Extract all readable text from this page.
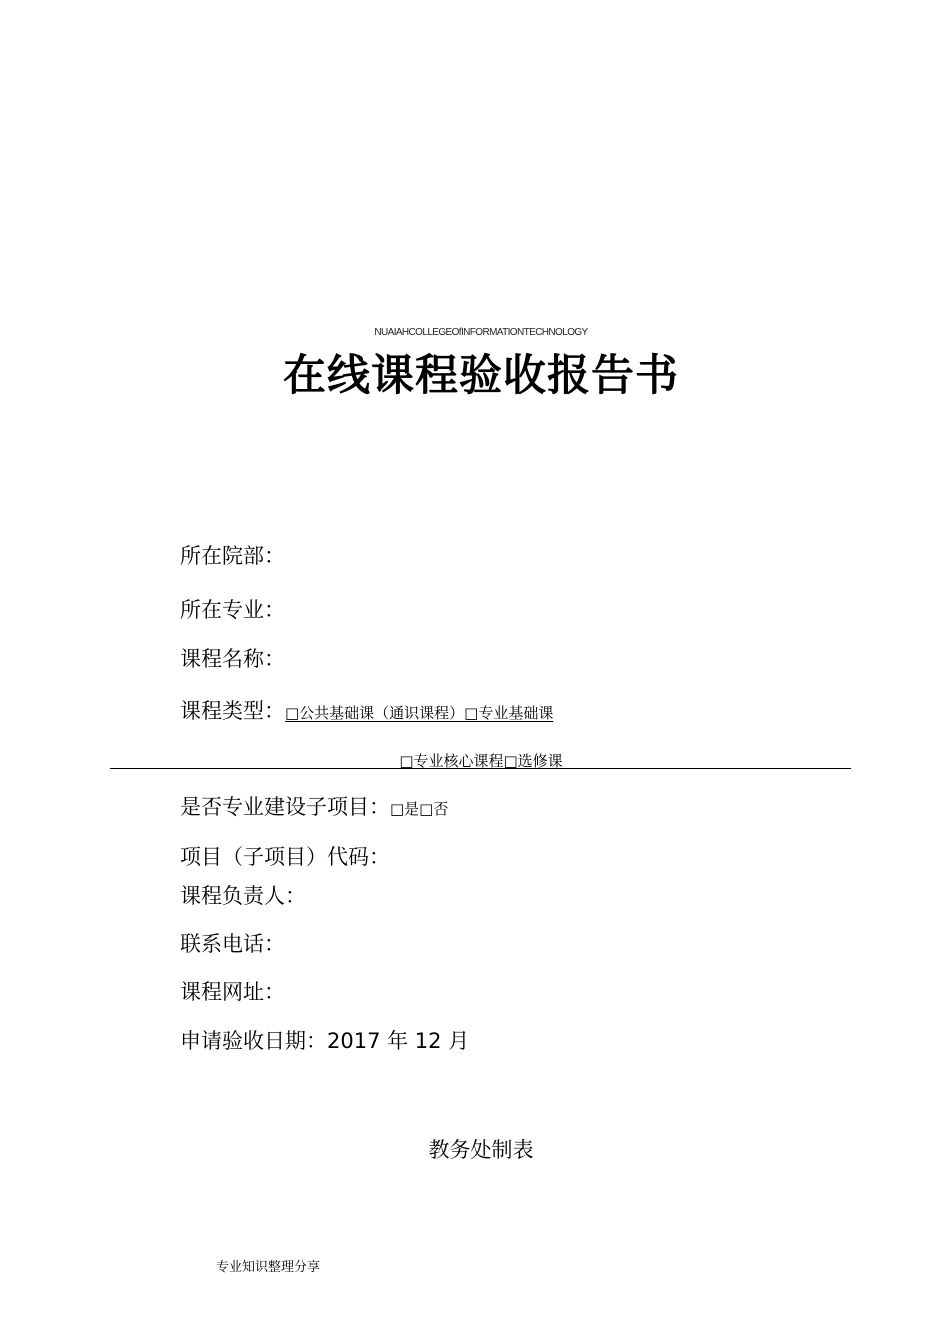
NUAIAHCOLLEGEOfINFORMATIONTECHNOLOGY
在线课程验收报告书
所在院部：
所在专业：
课程名称：
课程类型：□公共基础课（通识课程）□专业基础课
□专业核心课程□选修课
是否专业建设子项目：□是□否
项目（子项目）代码：
课程负责人：
联系电话：
课程网址：
申请验收日期：2017 年 12 月
教务处制表
专业知识整理分享
